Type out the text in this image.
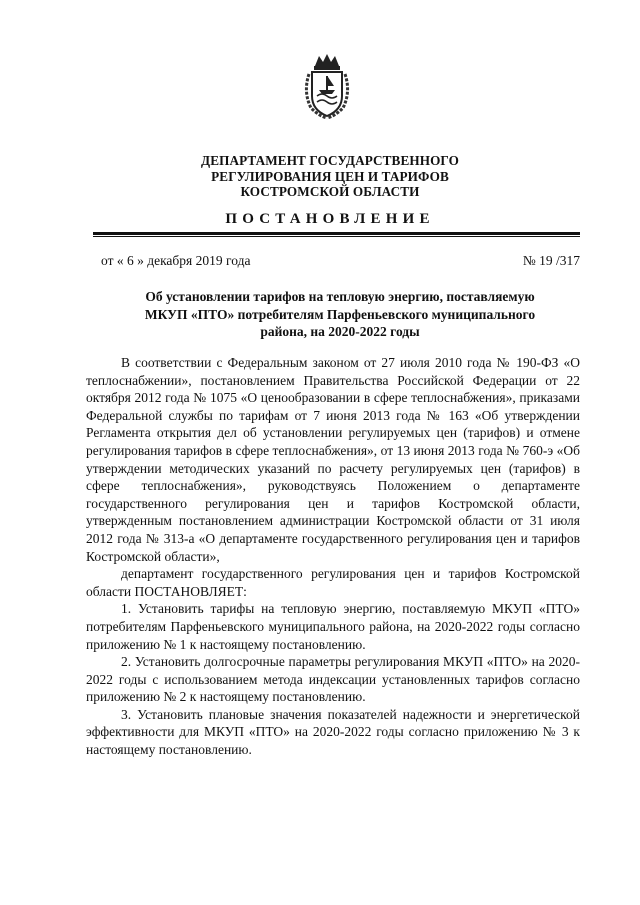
ДЕПАРТАМЕНТ ГОСУДАРСТВЕННОГО
РЕГУЛИРОВАНИЯ ЦЕН И ТАРИФОВ
КОСТРОМСКОЙ ОБЛАСТИ
ПОСТАНОВЛЕНИЕ
от « 6 » декабря 2019 года	№ 19 /317
Об установлении тарифов на тепловую энергию, поставляемую
МКУП «ПТО» потребителям Парфеньевского муниципального
района, на 2020-2022 годы

В соответствии с Федеральным законом от 27 июля 2010 года № 190-ФЗ «О теплоснабжении», постановлением Правительства Российской Федерации от 22 октября 2012 года № 1075 «О ценообразовании в сфере теплоснабжения», приказами Федеральной службы по тарифам от 7 июня 2013 года № 163 «Об утверждении Регламента открытия дел об установлении регулируемых цен (тарифов) и отмене регулирования тарифов в сфере теплоснабжения», от 13 июня 2013 года № 760-э «Об утверждении методических указаний по расчету регулируемых цен (тарифов) в сфере теплоснабжения», руководствуясь Положением о департаменте государственного регулирования цен и тарифов Костромской области, утвержденным постановлением администрации Костромской области от 31 июля 2012 года № 313-а «О департаменте государственного регулирования цен и тарифов Костромской области»,

департамент государственного регулирования цен и тарифов Костромской области ПОСТАНОВЛЯЕТ:

1. Установить тарифы на тепловую энергию, поставляемую МКУП «ПТО» потребителям Парфеньевского муниципального района, на 2020-2022 годы согласно приложению № 1 к настоящему постановлению.

2. Установить долгосрочные параметры регулирования МКУП «ПТО» на 2020-2022 годы с использованием метода индексации установленных тарифов согласно приложению № 2 к настоящему постановлению.

3. Установить плановые значения показателей надежности и энергетической эффективности для МКУП «ПТО» на 2020-2022 годы согласно приложению № 3 к настоящему постановлению.
